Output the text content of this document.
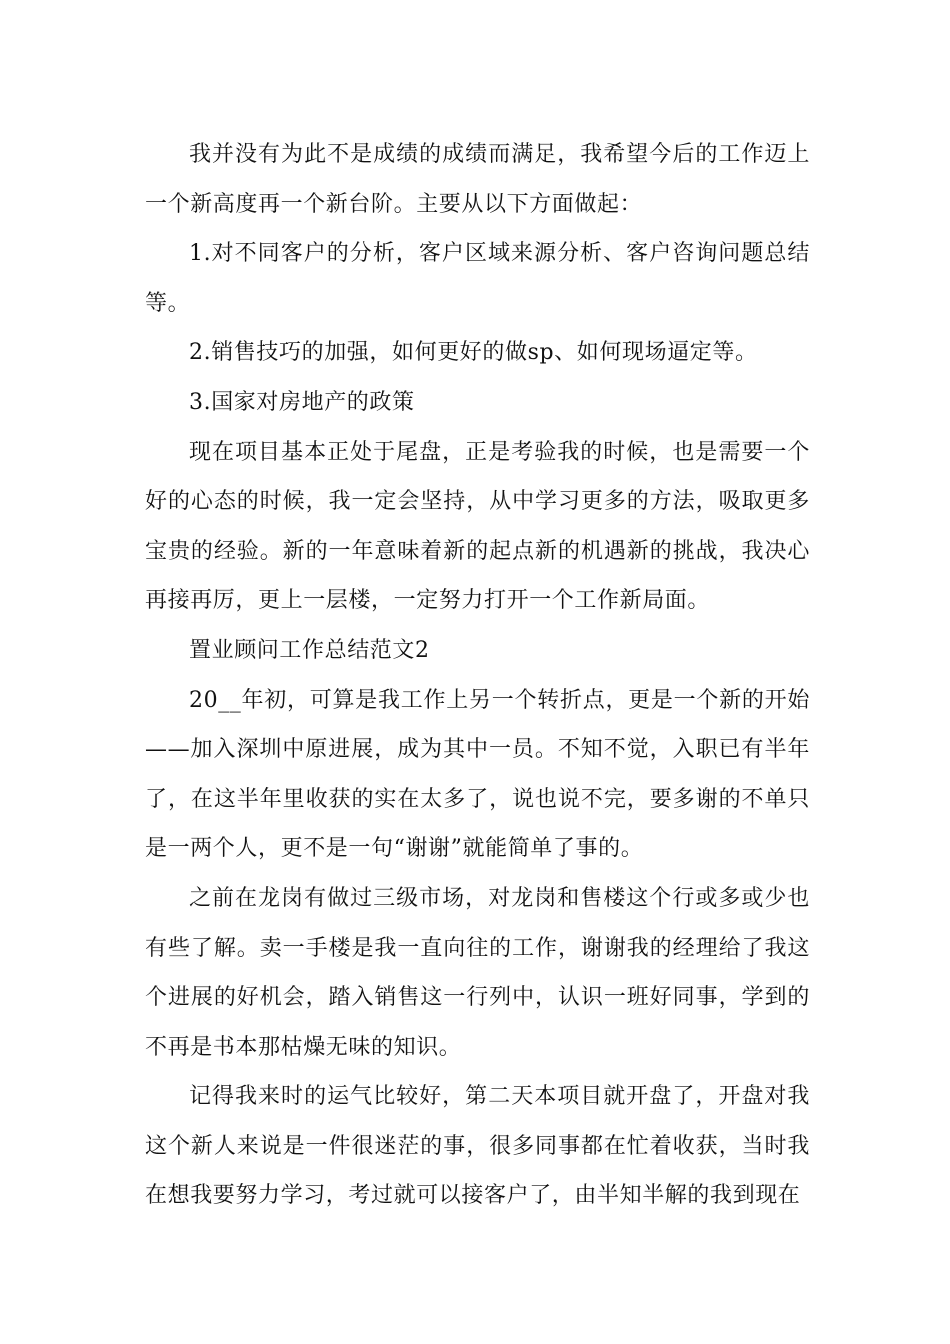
我并没有为此不是成绩的成绩而满足，我希望今后的工作迈上一个新高度再一个新台阶。主要从以下方面做起：

1.对不同客户的分析，客户区域来源分析、客户咨询问题总结等。

2.销售技巧的加强，如何更好的做sp、如何现场逼定等。

3.国家对房地产的政策

现在项目基本正处于尾盘，正是考验我的时候，也是需要一个好的心态的时候，我一定会坚持，从中学习更多的方法，吸取更多宝贵的经验。新的一年意味着新的起点新的机遇新的挑战，我决心再接再厉，更上一层楼，一定努力打开一个工作新局面。

置业顾问工作总结范文2

20__年初，可算是我工作上另一个转折点，更是一个新的开始——加入深圳中原进展，成为其中一员。不知不觉，入职已有半年了，在这半年里收获的实在太多了，说也说不完，要多谢的不单只是一两个人，更不是一句“谢谢”就能简单了事的。

之前在龙岗有做过三级市场，对龙岗和售楼这个行或多或少也有些了解。卖一手楼是我一直向往的工作，谢谢我的经理给了我这个进展的好机会，踏入销售这一行列中，认识一班好同事，学到的不再是书本那枯燥无味的知识。

记得我来时的运气比较好，第二天本项目就开盘了，开盘对我这个新人来说是一件很迷茫的事，很多同事都在忙着收获，当时我在想我要努力学习，考过就可以接客户了，由半知半解的我到现在
